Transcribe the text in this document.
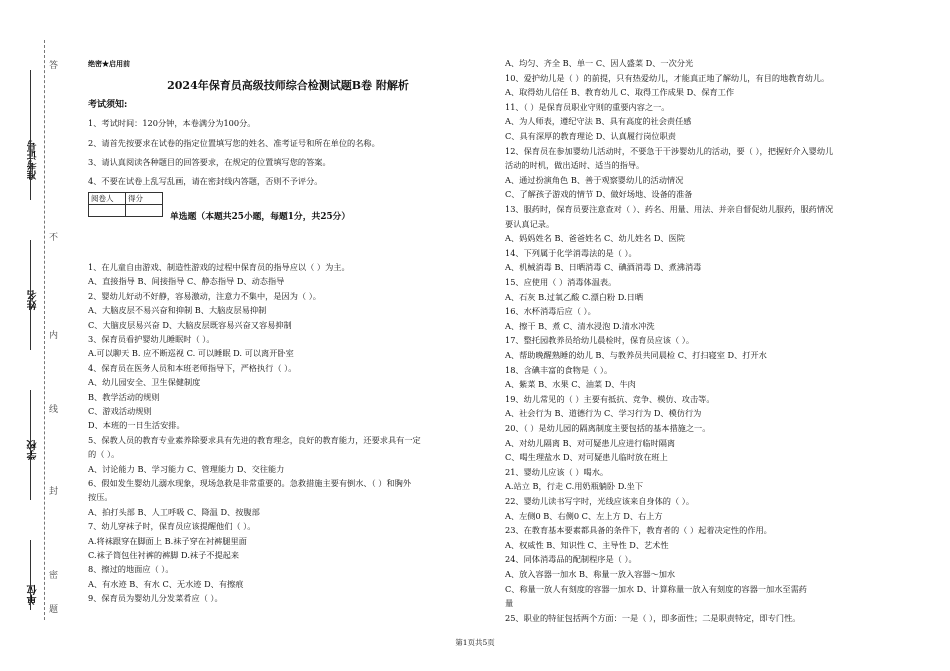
准考证号
姓名
学校
单位
答
不
内
线
封
密
题
绝密★启用前
2024年保育员高级技师综合检测试题B卷 附解析
考试须知:
1、考试时间：120分钟，本卷满分为100分。
2、请首先按要求在试卷的指定位置填写您的姓名、准考证号和所在单位的名称。
3、请认真阅读各种题目的回答要求，在规定的位置填写您的答案。
4、不要在试卷上乱写乱画，请在密封线内答题，否则不予评分。
阅卷人	得分

单选题（本题共25小题，每题1分，共25分）
1、在儿童自由游戏、制造性游戏的过程中保育员的指导应以（ ）为主。
A、直接指导 B、间接指导 C、静态指导 D、动态指导
2、婴幼儿好动不好静，容易激动，注意力不集中，是因为（ ）。
A、大脑皮层不易兴奋和抑制 B、大脑皮层易抑制
C、大脑皮层易兴奋 D、大脑皮层既容易兴奋又容易抑制
3、保育员看护婴幼儿睡眠时（ ）。
A.可以聊天 B. 应不断巡视 C. 可以睡眠 D. 可以离开卧室
4、保育员在医务人员和本班老师指导下，严格执行（ ）。
A、幼儿园安全、卫生保健制度
B、教学活动的规则
C、游戏活动规则
D、本班的一日生活安排。
5、保教人员的教育专业素养除要求具有先进的教育理念，良好的教育能力，还要求具有一定
的（ ）。
A、讨论能力 B、学习能力 C、管理能力 D、交往能力
6、假如发生婴幼儿溺水现象，现场急救是非常重要的。急救措施主要有倒水、（ ）和胸外
按压。
A、拍打头部 B、人工呼吸 C、降温 D、按腹部
7、幼儿穿袜子时，保育员应该提醒他们（ ）。
A.将袜跟穿在脚面上 B.袜子穿在衬裤腿里面
C.袜子筒包住衬裤的裤脚 D.袜子不提起来
8、擦过的地面应（ ）。
A、有水迹 B、有水 C、无水迹 D、有擦痕
9、保育员为婴幼儿分发菜肴应（ ）。
A、均匀、齐全 B、单一 C、因人盛菜 D、一次分光
10、爱护幼儿是（ ）的前提，只有热爱幼儿，才能真正地了解幼儿，有目的地教育幼儿。
A、取得幼儿信任 B、教育幼儿 C、取得工作成果 D、保育工作
11、（ ）是保育员职业守则的重要内容之一。
A、为人师表，遵纪守法 B、具有高度的社会责任感
C、具有深厚的教育理论 D、认真履行岗位职责
12、保育员在参加婴幼儿活动时，不要急于干涉婴幼儿的活动，要（ ），把握好介入婴幼儿
活动的时机，做出适时、适当的指导。
A、通过扮演角色 B、善于观察婴幼儿的活动情况
C、了解孩子游戏的情节 D、做好场地、设备的准备
13、服药时，保育员要注意查对（ ）、药名、用量、用法、并亲自督促幼儿服药，服药情况
要认真记录。
A、妈妈姓名 B、爸爸姓名 C、幼儿姓名 D、医院
14、下列属于化学消毒法的是（ ）。
A、机械消毒 B、日晒消毒 C、碘酒消毒 D、煮沸消毒
15、应使用（ ）消毒体温表。
A、石灰 B.过氧乙酸 C.漂白粉 D.日晒
16、水杯消毒后应（ ）。
A、擦干 B、煮 C、清水浸泡 D.清水冲洗
17、整托园教养员给幼儿晨检时，保育员应该（ ）。
A、帮助晚醒熟睡的幼儿 B、与教养员共同晨检 C、打扫寝室 D、打开水
18、含碘丰富的食物是（ ）。
A、紫菜 B、水果 C、油菜 D、牛肉
19、幼儿常见的（ ）主要有抵抗、竞争、模仿、攻击等。
A、社会行为 B、道德行为 C、学习行为 D、模仿行为
20、（ ）是幼儿园的隔离制度主要包括的基本措施之一。
A、对幼儿隔离 B、对可疑患儿应进行临时隔离
C、喝生理盐水 D、对可疑患儿临时放在班上
21、婴幼儿应该（ ）喝水。
A.站立 B，行走 C.用奶瓶躺卧 D.坐下
22、婴幼儿读书写字时，光线应该来自身体的（ ）。
A、左侧0 B、右侧0 C、左上方 D、右上方
23、在教育基本要素都具备的条件下，教育者的（ ）起着决定性的作用。
A、权威性 B、知识性 C、主导性 D、艺术性
24、同体消毒品的配制程序是（ ）。
A、放入容器一加水 B、称量一放入容器～加水
C、称量一放人有刻度的容器一加水 D、计算称量一放入有刻度的容器一加水至需药
量
25、职业的特征包括两个方面：一是（ ），即多面性；二是职责特定，即专门性。
第1页共5页
